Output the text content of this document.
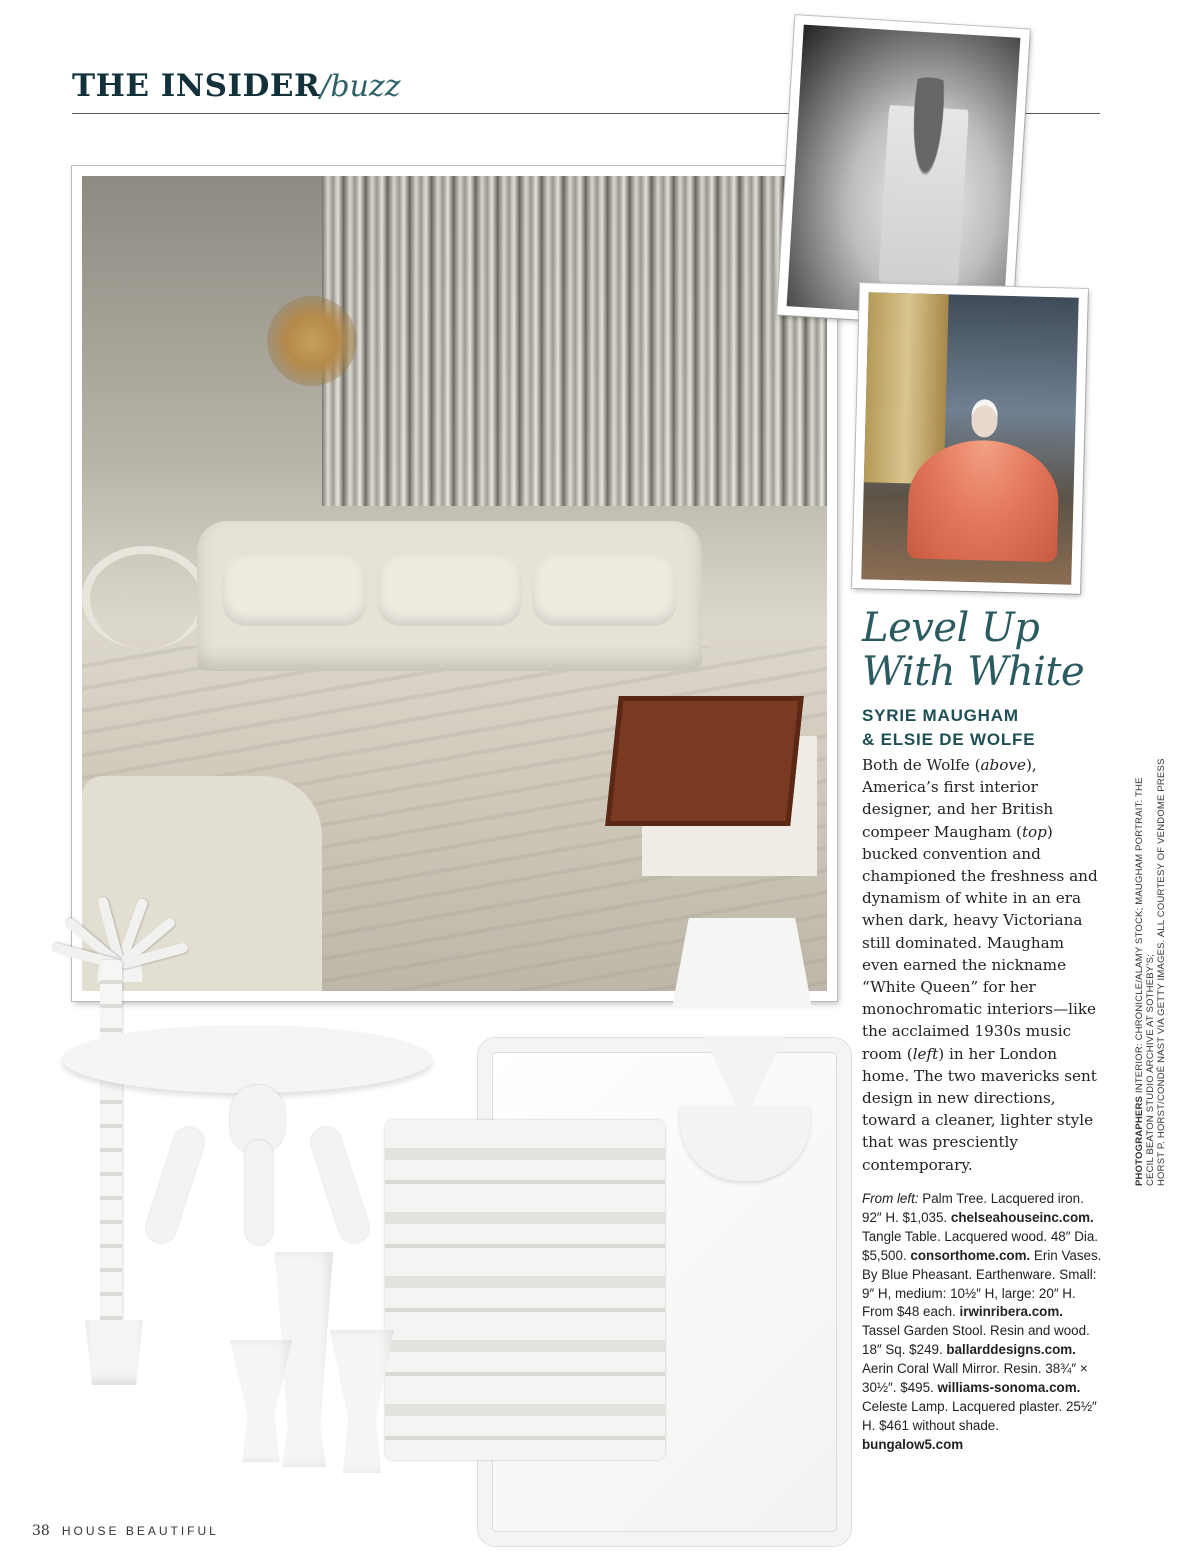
THE INSIDER/buzz
Level Up
With White
SYRIE MAUGHAM
& ELSIE DE WOLFE
Both de Wolfe (above), America’s first interior designer, and her British compeer Maugham (top) bucked convention and championed the freshness and dynamism of white in an era when dark, heavy Victoriana still dominated. Maugham even earned the nickname “White Queen” for her monochromatic interiors—like the acclaimed 1930s music room (left) in her London home. The two mavericks sent design in new directions, toward a cleaner, lighter style that was presciently contemporary.
From left: Palm Tree. Lacquered iron. 92″ H. $1,035. chelseahouseinc.com. Tangle Table. Lacquered wood. 48″ Dia. $5,500. consorthome.com. Erin Vases. By Blue Pheasant. Earthenware. Small: 9″ H, medium: 10½″ H, large: 20″ H. From $48 each. irwinribera.com. Tassel Garden Stool. Resin and wood. 18″ Sq. $249. ballarddesigns.com. Aerin Coral Wall Mirror. Resin. 38¾″ × 30½″. $495. williams-sonoma.com. Celeste Lamp. Lacquered plaster. 25½″ H. $461 without shade. bungalow5.com
PHOTOGRAPHERS INTERIOR: CHRONICLE/ALAMY STOCK; MAUGHAM PORTRAIT: THE CECIL BEATON STUDIO ARCHIVE AT SOTHEBY’S; HORST P. HORST/CONDÉ NAST VIA GETTY IMAGES. ALL COURTESY OF VENDOME PRESS
38 HOUSE BEAUTIFUL
